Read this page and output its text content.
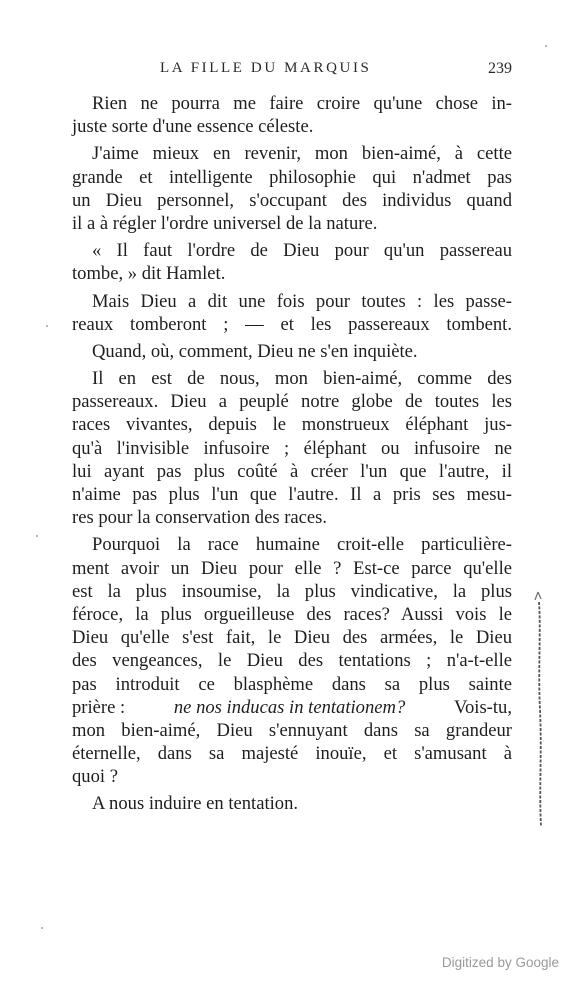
LA FILLE DU MARQUIS	239
Rien ne pourra me faire croire qu'une chose in-
juste sorte d'une essence céleste.
J'aime mieux en revenir, mon bien-aimé, à cette
grande et intelligente philosophie qui n'admet pas
un Dieu personnel, s'occupant des individus quand
il a à régler l'ordre universel de la nature.
« Il faut l'ordre de Dieu pour qu'un passereau
tombe, » dit Hamlet.
Mais Dieu a dit une fois pour toutes : les passe-
reaux tomberont ; — et les passereaux tombent.
Quand, où, comment, Dieu ne s'en inquiète.
Il en est de nous, mon bien-aimé, comme des
passereaux. Dieu a peuplé notre globe de toutes les
races vivantes, depuis le monstrueux éléphant jus-
qu'à l'invisible infusoire ; éléphant ou infusoire ne
lui ayant pas plus coûté à créer l'un que l'autre, il
n'aime pas plus l'un que l'autre. Il a pris ses mesu-
res pour la conservation des races.
Pourquoi la race humaine croit-elle particulière-
ment avoir un Dieu pour elle ? Est-ce parce qu'elle
est la plus insoumise, la plus vindicative, la plus
féroce, la plus orgueilleuse des races? Aussi vois le
Dieu qu'elle s'est fait, le Dieu des armées, le Dieu
des vengeances, le Dieu des tentations ; n'a-t-elle
pas introduit ce blasphème dans sa plus sainte
prière :	ne nos inducas in tentationem?	Vois-tu,
mon bien-aimé, Dieu s'ennuyant dans sa grandeur
éternelle, dans sa majesté inouïe, et s'amusant à
quoi ?
A nous induire en tentation.
Digitized by Google
